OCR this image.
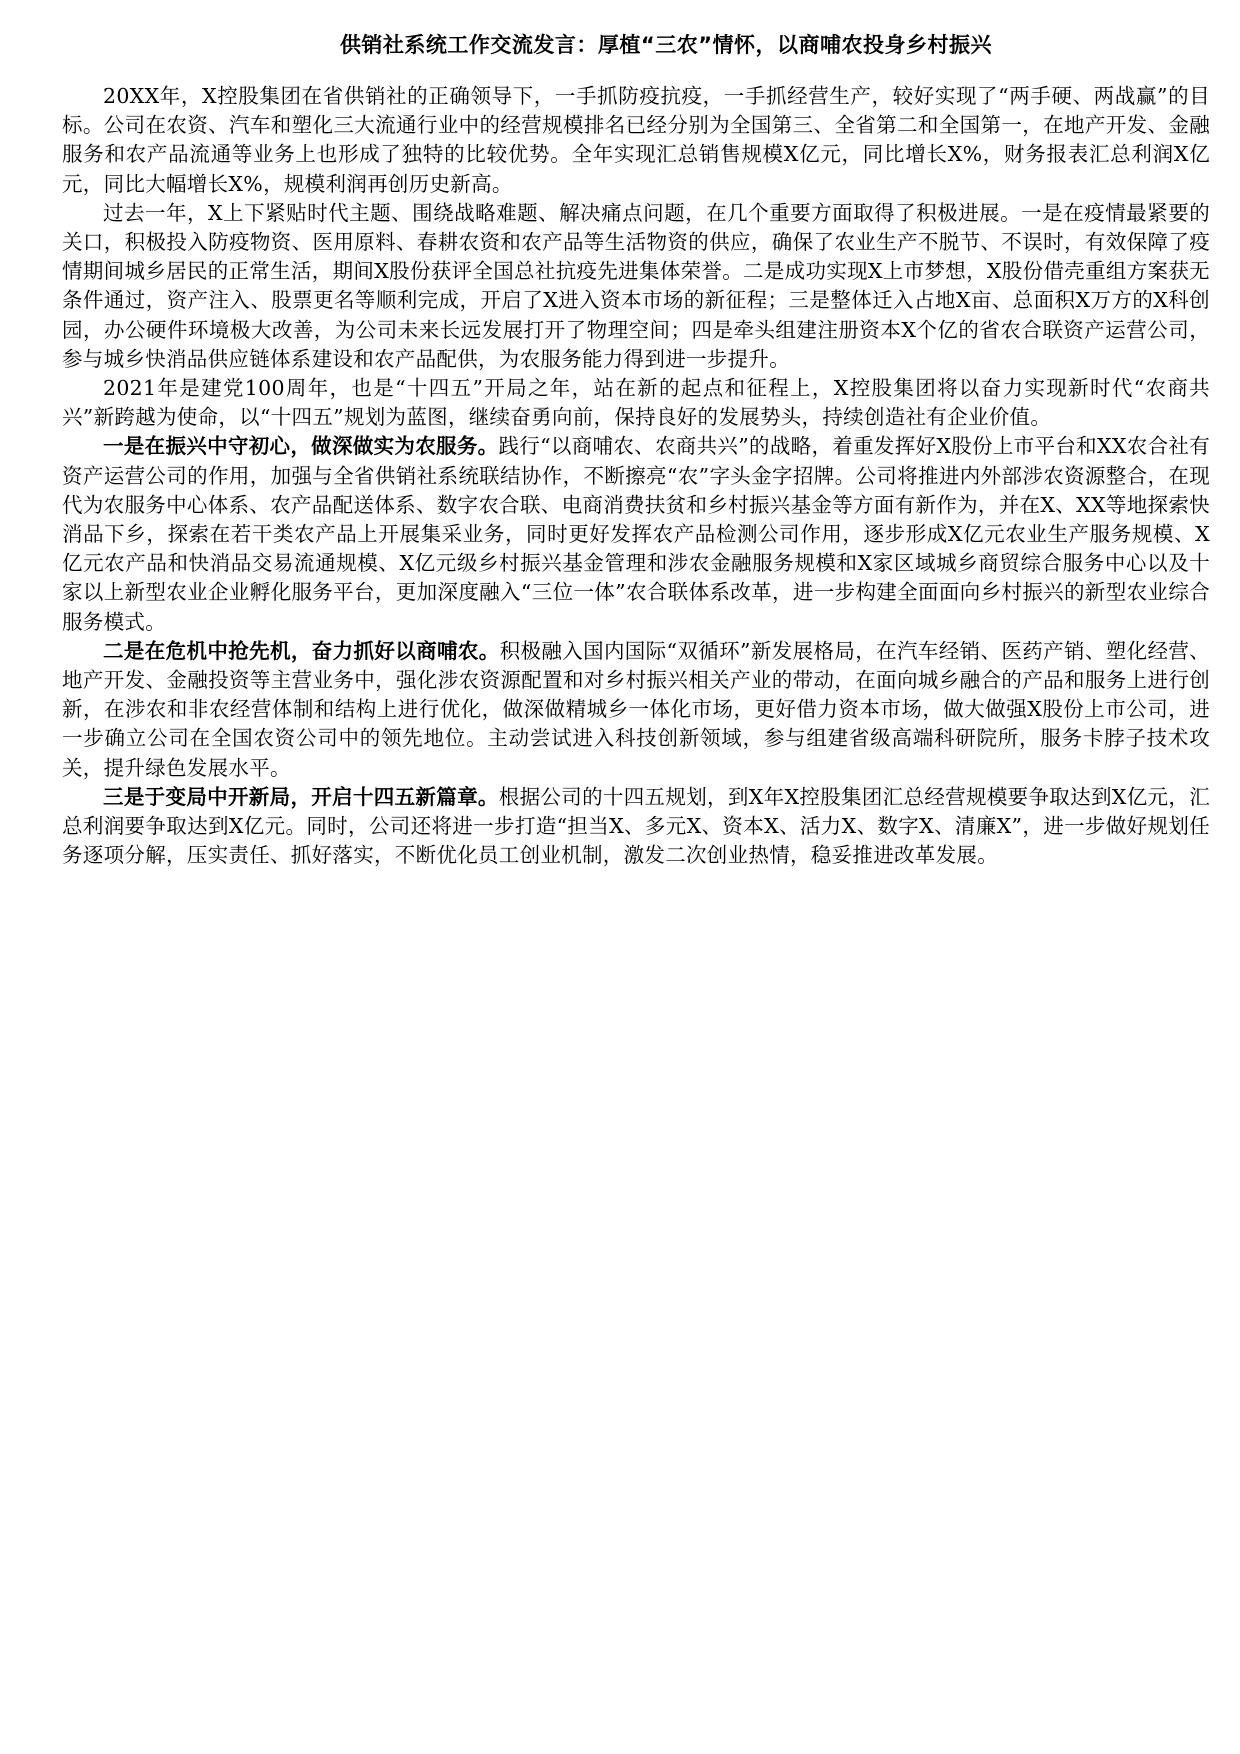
供销社系统工作交流发言：厚植“三农”情怀，以商哺农投身乡村振兴

20XX年，X控股集团在省供销社的正确领导下，一手抓防疫抗疫，一手抓经营生产，较好实现了“两手硬、两战赢”的目标。公司在农资、汽车和塑化三大流通行业中的经营规模排名已经分别为全国第三、全省第二和全国第一，在地产开发、金融服务和农产品流通等业务上也形成了独特的比较优势。全年实现汇总销售规模X亿元，同比增长X%，财务报表汇总利润X亿元，同比大幅增长X%，规模利润再创历史新高。

过去一年，X上下紧贴时代主题、围绕战略难题、解决痛点问题，在几个重要方面取得了积极进展。一是在疫情最紧要的关口，积极投入防疫物资、医用原料、春耕农资和农产品等生活物资的供应，确保了农业生产不脱节、不误时，有效保障了疫情期间城乡居民的正常生活，期间X股份获评全国总社抗疫先进集体荣誉。二是成功实现X上市梦想，X股份借壳重组方案获无条件通过，资产注入、股票更名等顺利完成，开启了X进入资本市场的新征程；三是整体迁入占地X亩、总面积X万方的X科创园，办公硬件环境极大改善，为公司未来长远发展打开了物理空间；四是牵头组建注册资本X个亿的省农合联资产运营公司，参与城乡快消品供应链体系建设和农产品配供，为农服务能力得到进一步提升。

2021年是建党100周年，也是“十四五”开局之年，站在新的起点和征程上，X控股集团将以奋力实现新时代“农商共兴”新跨越为使命，以“十四五”规划为蓝图，继续奋勇向前，保持良好的发展势头，持续创造社有企业价值。

一是在振兴中守初心，做深做实为农服务。践行“以商哺农、农商共兴”的战略，着重发挥好X股份上市平台和XX农合社有资产运营公司的作用，加强与全省供销社系统联结协作，不断擦亮“农”字头金字招牌。公司将推进内外部涉农资源整合，在现代为农服务中心体系、农产品配送体系、数字农合联、电商消费扶贫和乡村振兴基金等方面有新作为，并在X、XX等地探索快消品下乡，探索在若干类农产品上开展集采业务，同时更好发挥农产品检测公司作用，逐步形成X亿元农业生产服务规模、X亿元农产品和快消品交易流通规模、X亿元级乡村振兴基金管理和涉农金融服务规模和X家区域城乡商贸综合服务中心以及十家以上新型农业企业孵化服务平台，更加深度融入“三位一体”农合联体系改革，进一步构建全面面向乡村振兴的新型农业综合服务模式。

二是在危机中抢先机，奋力抓好以商哺农。积极融入国内国际“双循环”新发展格局，在汽车经销、医药产销、塑化经营、地产开发、金融投资等主营业务中，强化涉农资源配置和对乡村振兴相关产业的带动，在面向城乡融合的产品和服务上进行创新，在涉农和非农经营体制和结构上进行优化，做深做精城乡一体化市场，更好借力资本市场，做大做强X股份上市公司，进一步确立公司在全国农资公司中的领先地位。主动尝试进入科技创新领域，参与组建省级高端科研院所，服务卡脖子技术攻关，提升绿色发展水平。

三是于变局中开新局，开启十四五新篇章。根据公司的十四五规划，到X年X控股集团汇总经营规模要争取达到X亿元，汇总利润要争取达到X亿元。同时，公司还将进一步打造“担当X、多元X、资本X、活力X、数字X、清廉X”，进一步做好规划任务逐项分解，压实责任、抓好落实，不断优化员工创业机制，激发二次创业热情，稳妥推进改革发展。
